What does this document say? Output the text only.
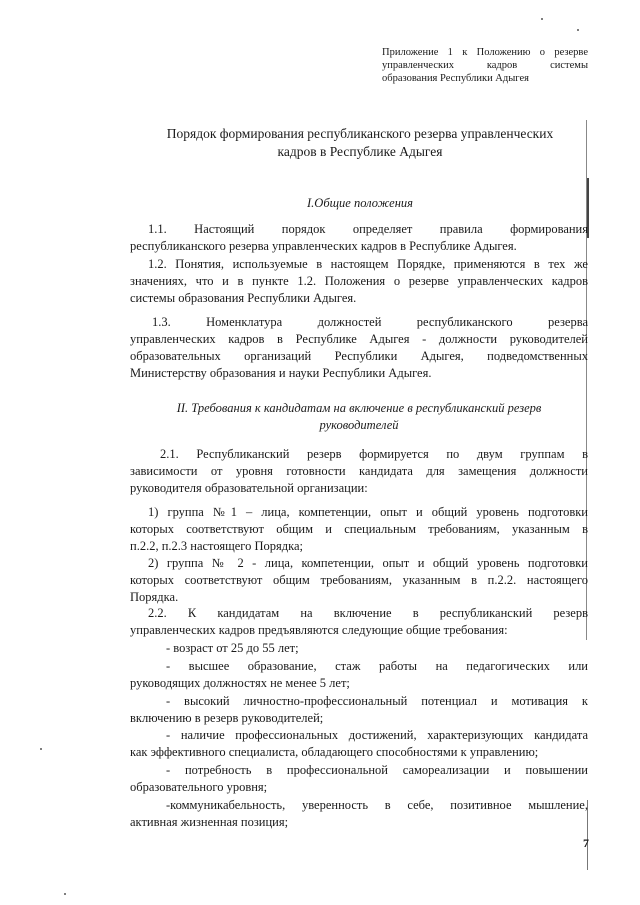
Приложение 1 к Положению о резерве
управленческих кадров системы
образования Республики Адыгея
Порядок формирования республиканского резерва управленческих
кадров в Республике Адыгея
I.Общие положения
1.1. Настоящий порядок определяет правила формирования
республиканского резерва управленческих кадров в Республике Адыгея.
1.2. Понятия, используемые в настоящем Порядке, применяются в тех же
значениях, что и в пункте 1.2. Положения о резерве управленческих кадров
системы образования Республики Адыгея.
1.3. Номенклатура должностей республиканского резерва
управленческих кадров в Республике Адыгея - должности руководителей
образовательных организаций Республики Адыгея, подведомственных
Министерству образования и науки Республики Адыгея.
II. Требования к кандидатам на включение в республиканский резерв
руководителей
2.1. Республиканский резерв формируется по двум группам в
зависимости от уровня готовности кандидата для замещения должности
руководителя образовательной организации:
1) группа №1 – лица, компетенции, опыт и общий уровень подготовки
которых соответствуют общим и специальным требованиям, указанным в
п.2.2, п.2.3 настоящего Порядка;
2) группа № 2 - лица, компетенции, опыт и общий уровень подготовки
которых соответствуют общим требованиям, указанным в п.2.2. настоящего
Порядка.
2.2. К кандидатам на включение в республиканский резерв
управленческих кадров предъявляются следующие общие требования:
- возраст от 25 до 55 лет;
- высшее образование, стаж работы на педагогических или
руководящих должностях не менее 5 лет;
- высокий личностно-профессиональный потенциал и мотивация к
включению в резерв руководителей;
- наличие профессиональных достижений, характеризующих кандидата
как эффективного специалиста, обладающего способностями к управлению;
- потребность в профессиональной самореализации и повышении
образовательного уровня;
-коммуникабельность, уверенность в себе, позитивное мышление,
активная жизненная позиция;
7
